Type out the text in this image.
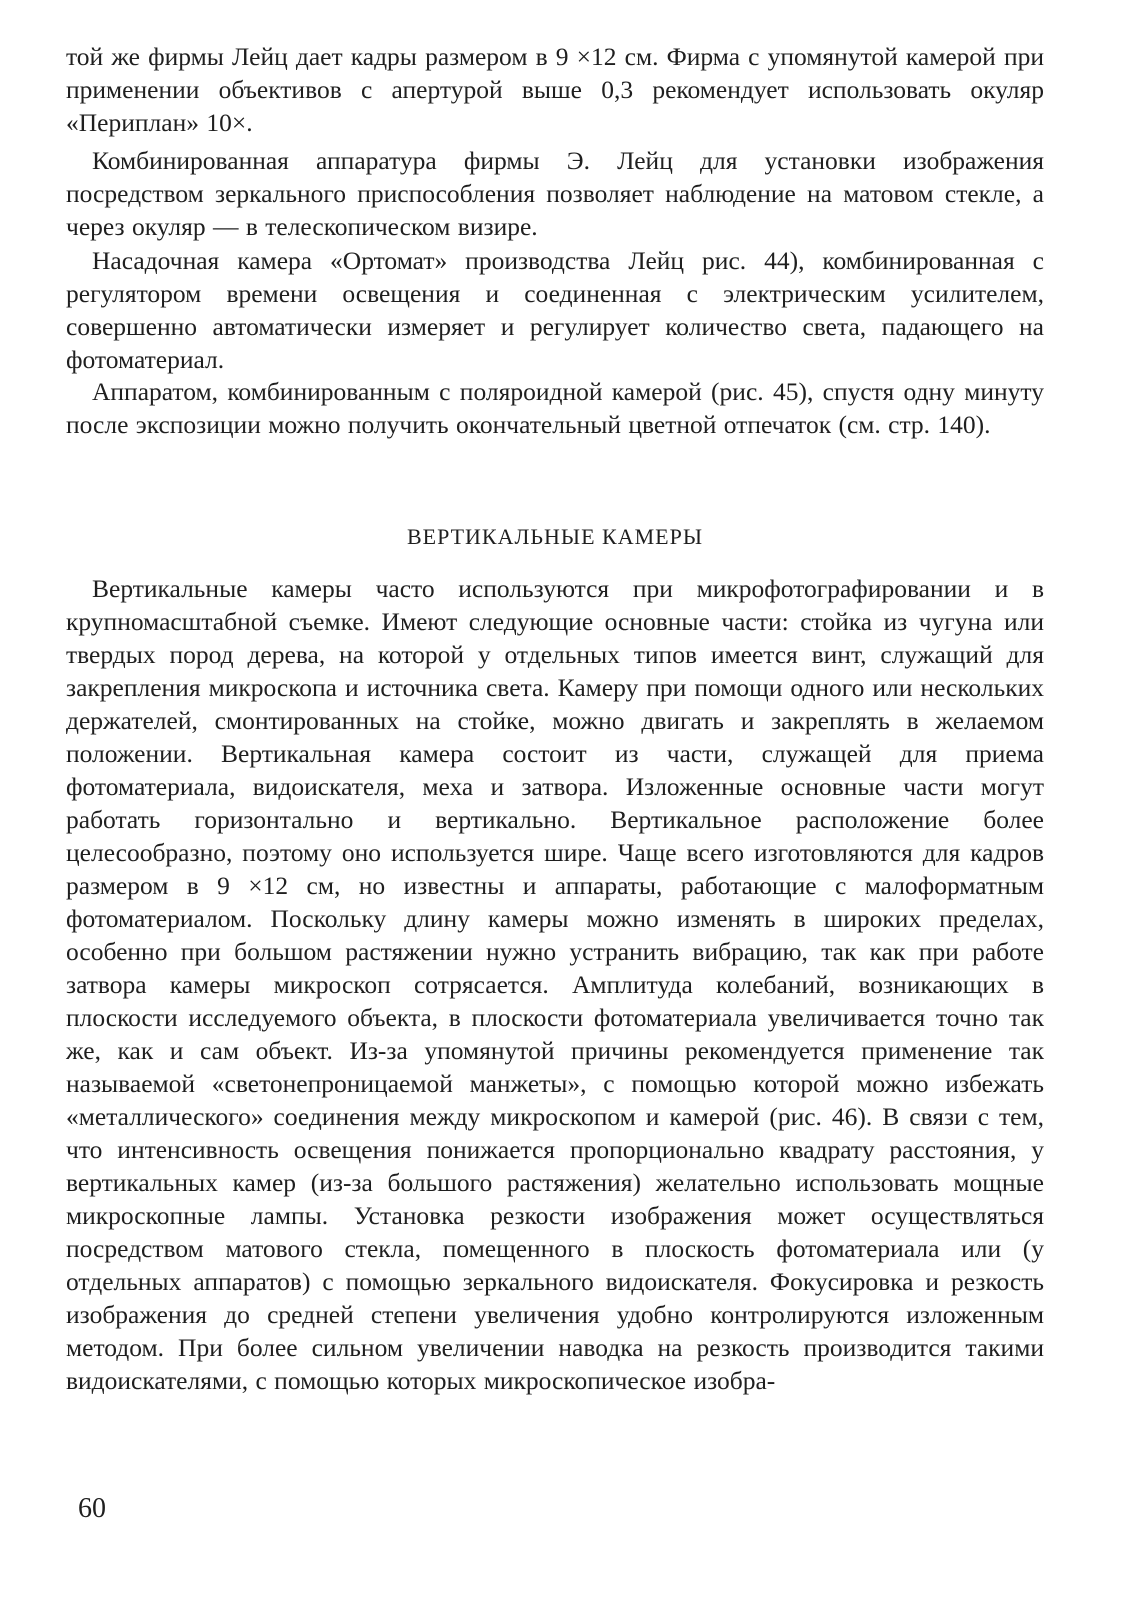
той же фирмы Лейц дает кадры размером в 9 ×12 см. Фирма с упомянутой камерой при применении объективов с апертурой выше 0,3 рекомендует использовать окуляр «Периплан» 10×.

Комбинированная аппаратура фирмы Э. Лейц для установки изображения посредством зеркального приспособления позволяет наблюдение на матовом стекле, а через окуляр — в телескопическом визире.

Насадочная камера «Ортомат» производства Лейц рис. 44), комбинированная с регулятором времени освещения и соединенная с электрическим усилителем, совершенно автоматически измеряет и регулирует количество света, падающего на фотоматериал.

Аппаратом, комбинированным с поляроидной камерой (рис. 45), спустя одну минуту после экспозиции можно получить окончательный цветной отпечаток (см. стр. 140).

ВЕРТИКАЛЬНЫЕ КАМЕРЫ

Вертикальные камеры часто используются при микрофотографировании и в крупномасштабной съемке. Имеют следующие основные части: стойка из чугуна или твердых пород дерева, на которой у отдельных типов имеется винт, служащий для закрепления микроскопа и источника света. Камеру при помощи одного или нескольких держателей, смонтированных на стойке, можно двигать и закреплять в желаемом положении. Вертикальная камера состоит из части, служащей для приема фотоматериала, видоискателя, меха и затвора. Изложенные основные части могут работать горизонтально и вертикально. Вертикальное расположение более целесообразно, поэтому оно используется шире. Чаще всего изготовляются для кадров размером в 9 ×12 см, но известны и аппараты, работающие с малоформатным фотоматериалом. Поскольку длину камеры можно изменять в широких пределах, особенно при большом растяжении нужно устранить вибрацию, так как при работе затвора камеры микроскоп сотрясается. Амплитуда колебаний, возникающих в плоскости исследуемого объекта, в плоскости фотоматериала увеличивается точно так же, как и сам объект. Из-за упомянутой причины рекомендуется применение так называемой «светонепроницаемой манжеты», с помощью которой можно избежать «металлического» соединения между микроскопом и камерой (рис. 46). В связи с тем, что интенсивность освещения понижается пропорционально квадрату расстояния, у вертикальных камер (из-за большого растяжения) желательно использовать мощные микроскопные лампы. Установка резкости изображения может осуществляться посредством матового стекла, помещенного в плоскость фотоматериала или (у отдельных аппаратов) с помощью зеркального видоискателя. Фокусировка и резкость изображения до средней степени увеличения удобно контролируются изложенным методом. При более сильном увеличении наводка на резкость производится такими видоискателями, с помощью которых микроскопическое изобра-

60
